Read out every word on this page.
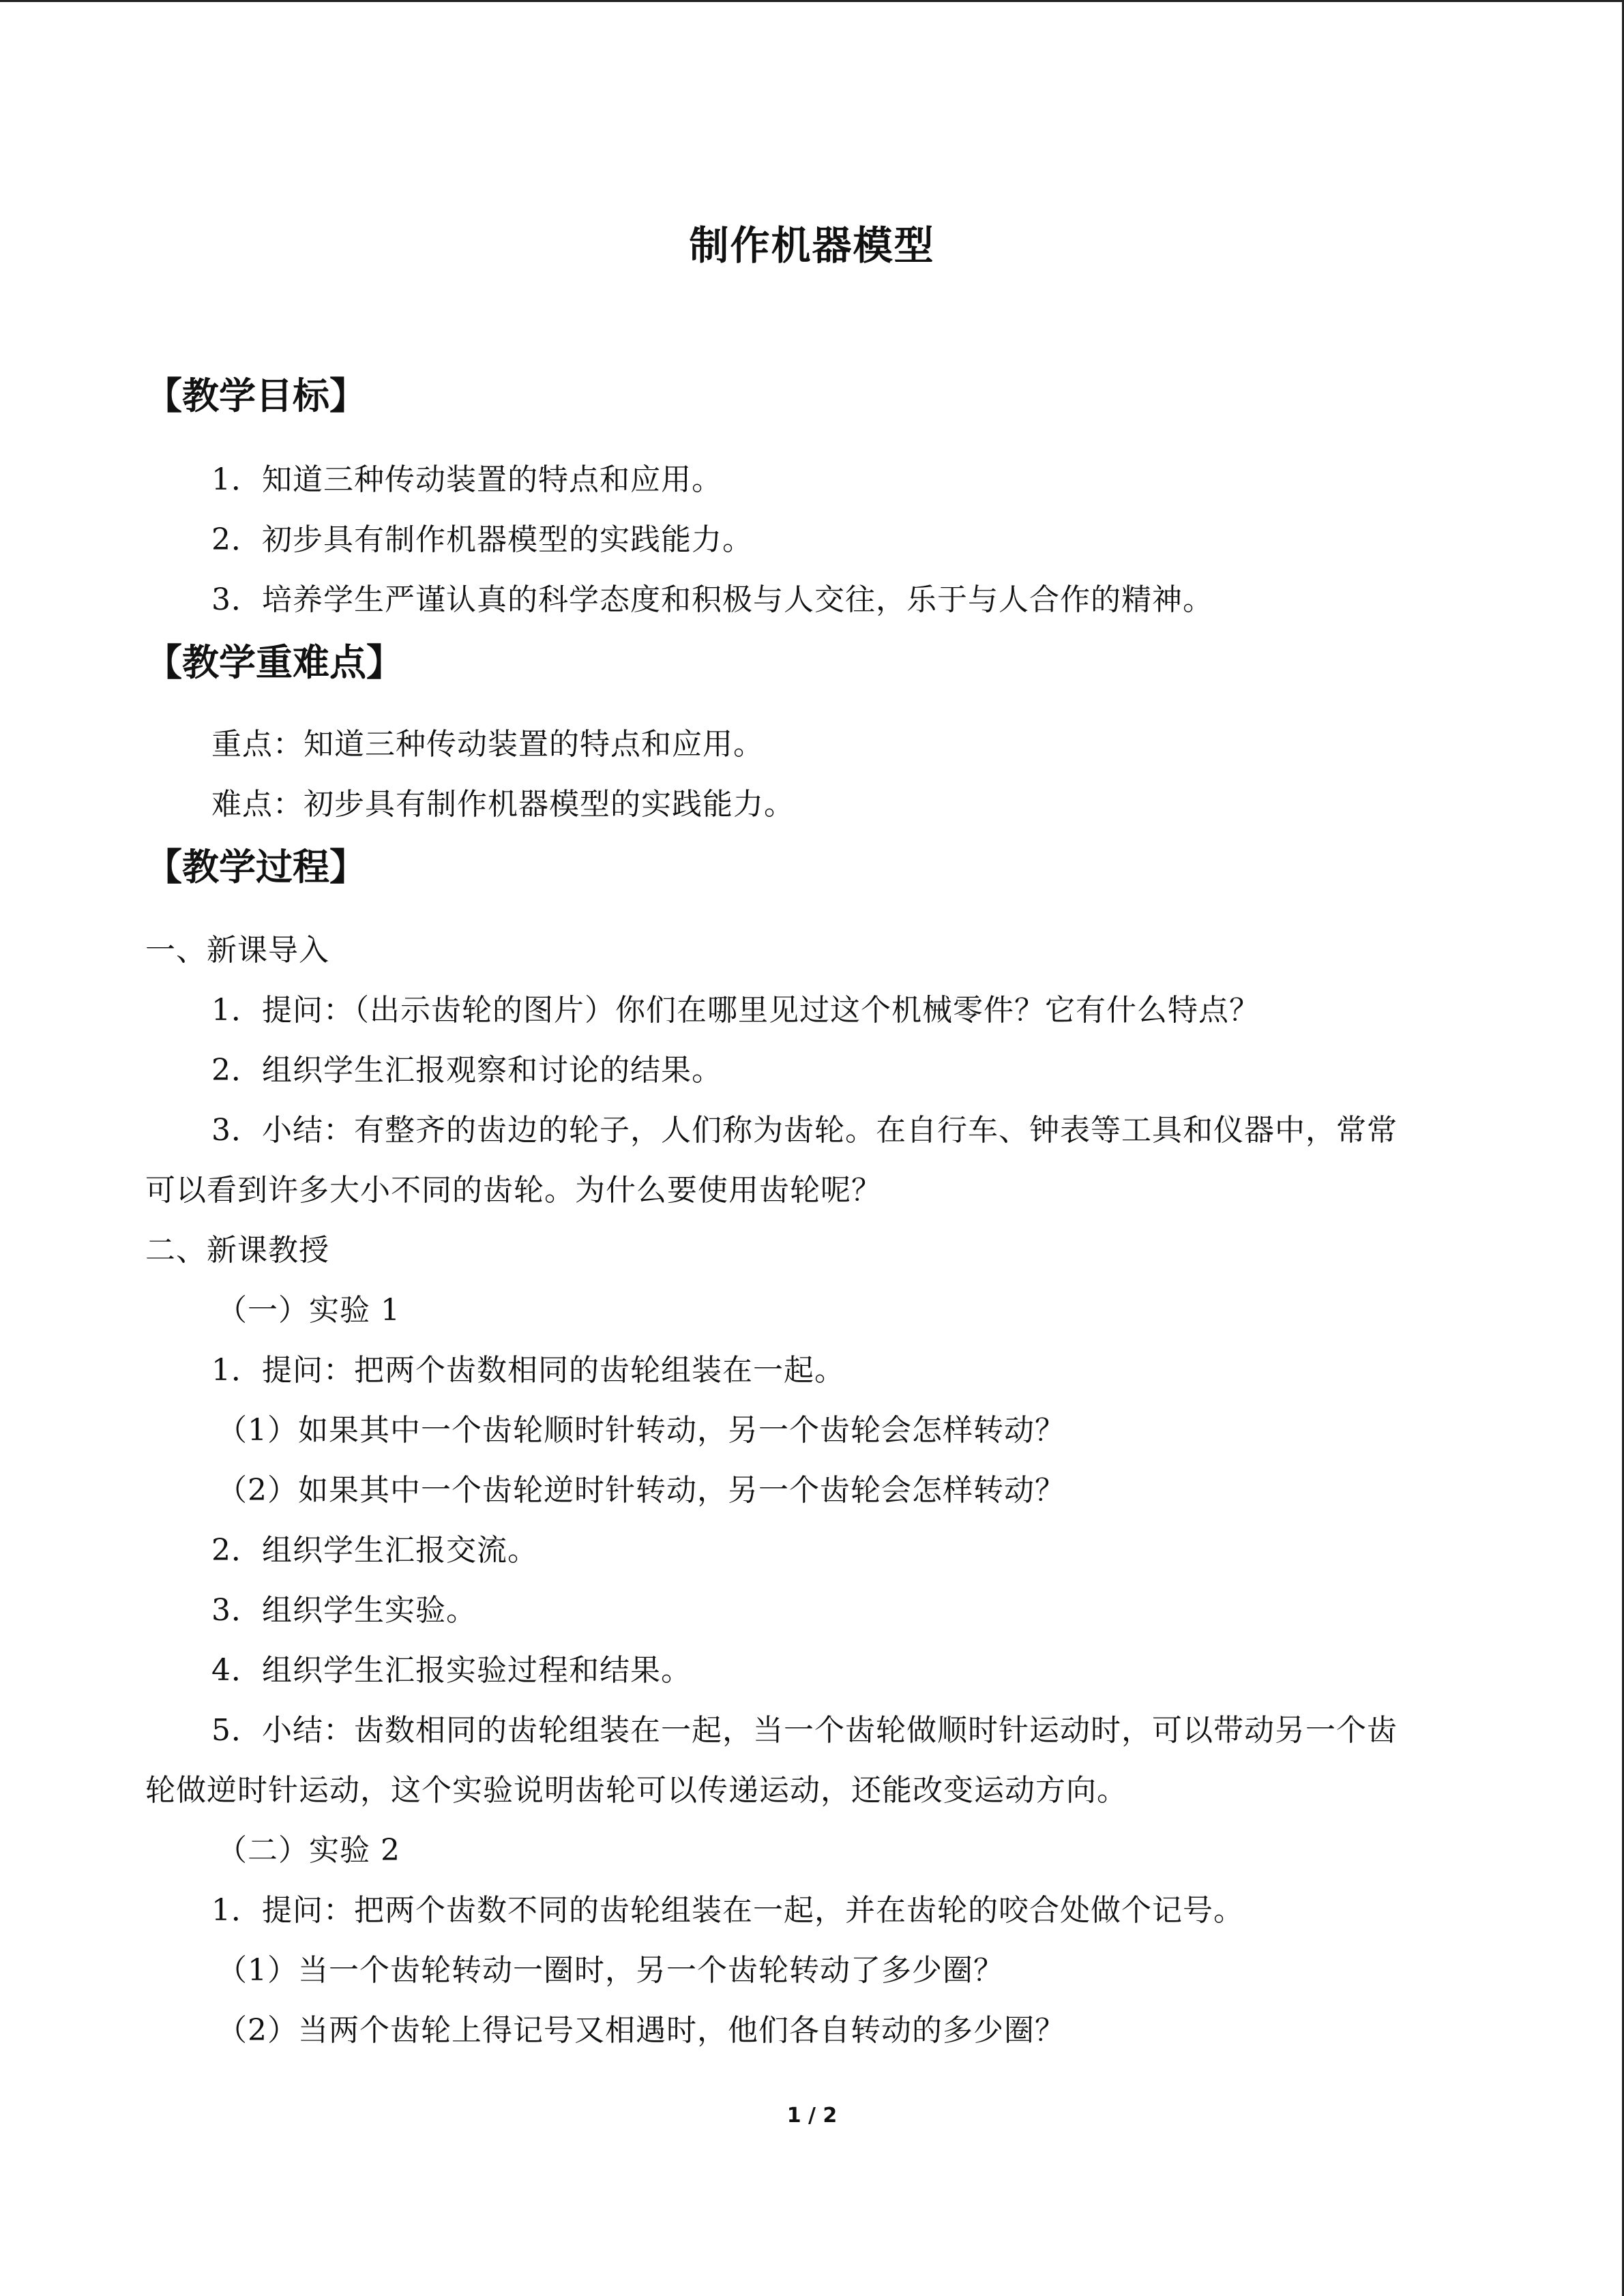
制作机器模型
【教学目标】
1．知道三种传动装置的特点和应用。
2．初步具有制作机器模型的实践能力。
3．培养学生严谨认真的科学态度和积极与人交往，乐于与人合作的精神。
【教学重难点】
重点：知道三种传动装置的特点和应用。
难点：初步具有制作机器模型的实践能力。
【教学过程】
一、新课导入
1．提问：（出示齿轮的图片）你们在哪里见过这个机械零件？它有什么特点？
2．组织学生汇报观察和讨论的结果。
3．小结：有整齐的齿边的轮子，人们称为齿轮。在自行车、钟表等工具和仪器中，常常
可以看到许多大小不同的齿轮。为什么要使用齿轮呢？
二、新课教授
（一）实验 1
1．提问：把两个齿数相同的齿轮组装在一起。
（1）如果其中一个齿轮顺时针转动，另一个齿轮会怎样转动？
（2）如果其中一个齿轮逆时针转动，另一个齿轮会怎样转动？
2．组织学生汇报交流。
3．组织学生实验。
4．组织学生汇报实验过程和结果。
5．小结：齿数相同的齿轮组装在一起，当一个齿轮做顺时针运动时，可以带动另一个齿
轮做逆时针运动，这个实验说明齿轮可以传递运动，还能改变运动方向。
（二）实验 2
1．提问：把两个齿数不同的齿轮组装在一起，并在齿轮的咬合处做个记号。
（1）当一个齿轮转动一圈时，另一个齿轮转动了多少圈？
（2）当两个齿轮上得记号又相遇时，他们各自转动的多少圈？
1 / 2
